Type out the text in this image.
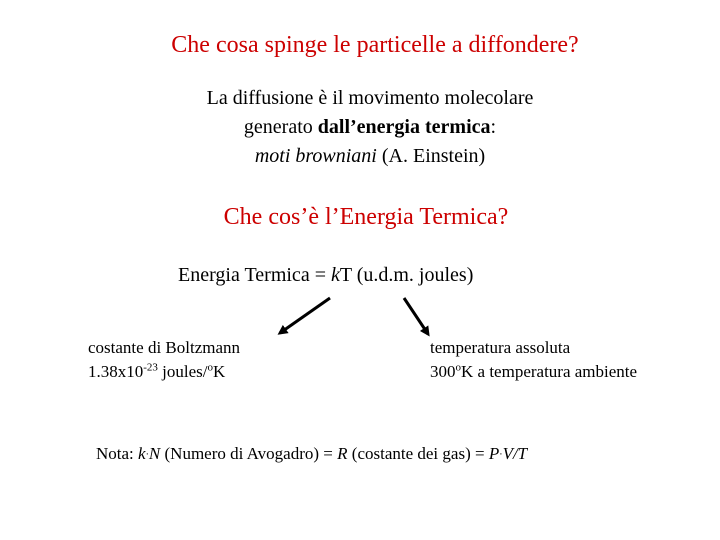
Che cosa spinge le particelle a diffondere?
La diffusione è il movimento molecolare
generato dall’energia termica:
moti browniani (A. Einstein)
Che cos’è l’Energia Termica?
Energia Termica = kT (u.d.m. joules)
costante di Boltzmann
$1.38x10^{-23}$ joules/$^o$K
temperatura assoluta
300$^o$K a temperatura ambiente
Nota: k·N (Numero di Avogadro) = R (costante dei gas) = P·V/T
